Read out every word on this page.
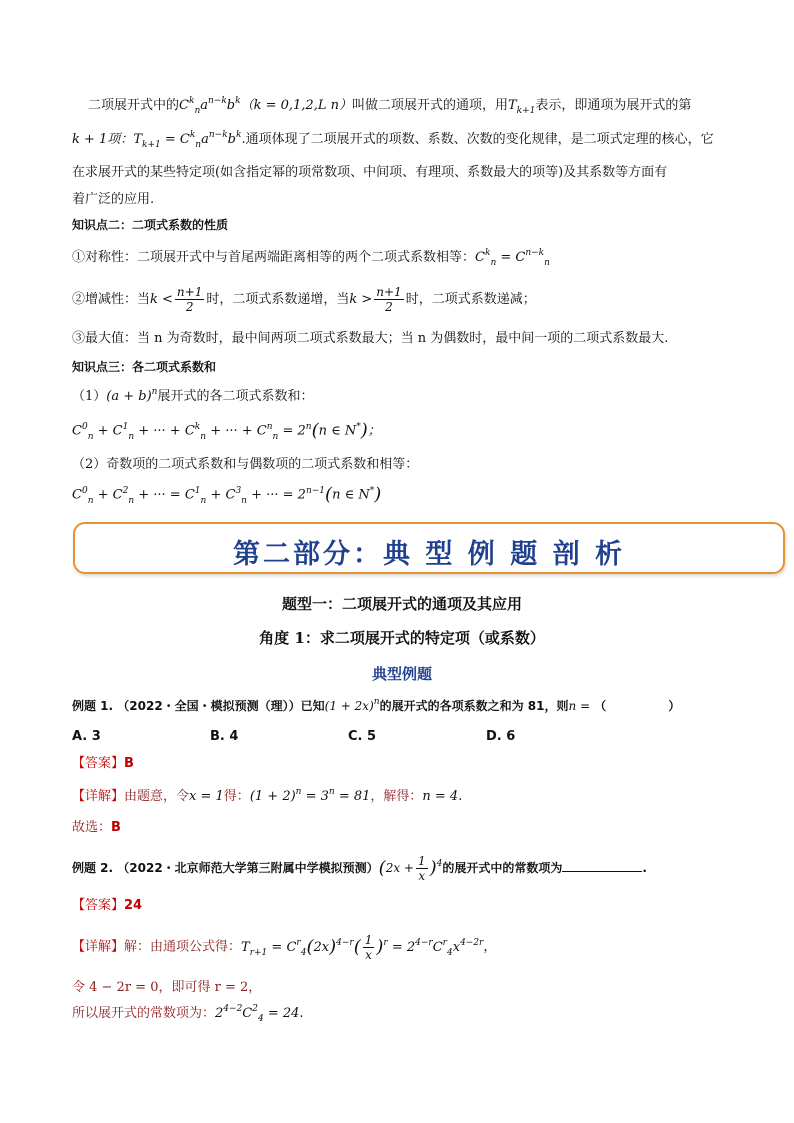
二项展开式中的$C^k_na^{n-k}b^k(k = 0,1,2,L$ n）叫做二项展开式的通项，用$T_{k+1}$表示，即通项为展开式的第
k + 1项：$T_{k+1} = C^k_na^{n-k}b^k$.通项体现了二项展开式的项数、系数、次数的变化规律，是二项式定理的核心，它
在求展开式的某些特定项(如含指定幂的项常数项、中间项、有理项、系数最大的项等)及其系数等方面有
着广泛的应用.
知识点二：二项式系数的性质
①对称性：二项展开式中与首尾两端距离相等的两个二项式系数相等：$C^k_n = C^{n-k}_n$
②增减性：当$k < \frac{n+1}{2}$ 时，二项式系数递增，当$k > \frac{n+1}{2}$ 时，二项式系数递减；
③最大值：当 n 为奇数时，最中间两项二项式系数最大；当 n 为偶数时，最中间一项的二项式系数最大.
知识点三：各二项式系数和
$(1)(a + b)^n$展开式的各二项式系数和：
$C^0_n + C^1_n$ + ··· + $C^k_n$ + ··· + $C^n_n = 2^n(n$ ∈ N*)；
（2）奇数项的二项式系数和与偶数项的二项式系数和相等：
$C^0_n + C^2_n$ + ··· = $C^1_n + C^3_n$ + ··· = $2^{n-1}(n$ ∈ N*)
第二部分：典 型 例 题 剖 析
题型一：二项展开式的通项及其应用
角度 1：求二项展开式的特定项（或系数）
典型例题
例题 1. （2022・全国・模拟预测（理））已知$(1 + 2x)^n$的展开式的各项系数之和为 81，则n = （	）
A. 3	B. 4	C. 5	D. 6
【答案】B
【详解】由题意，令x = 1得：$(1 + 2)^n = 3^n = 81$，解得：n = 4.
故选：B
例题 2. （2022・北京师范大学第三附属中学模拟预测）$(2x + \frac{1}{x} )^4$的展开式中的常数项为	.
【答案】24
【详解】解：由通项公式得：$T_{r+1} = C^r_4(2x)^{4-r}( \frac{1}{x} )^r = 2^{4-r}C^r_4x^{4-2r}$，
令 4 − 2r = 0，即可得 r = 2，
所以展开式的常数项为：$2^{4-2}C^2_4 = 24$.
